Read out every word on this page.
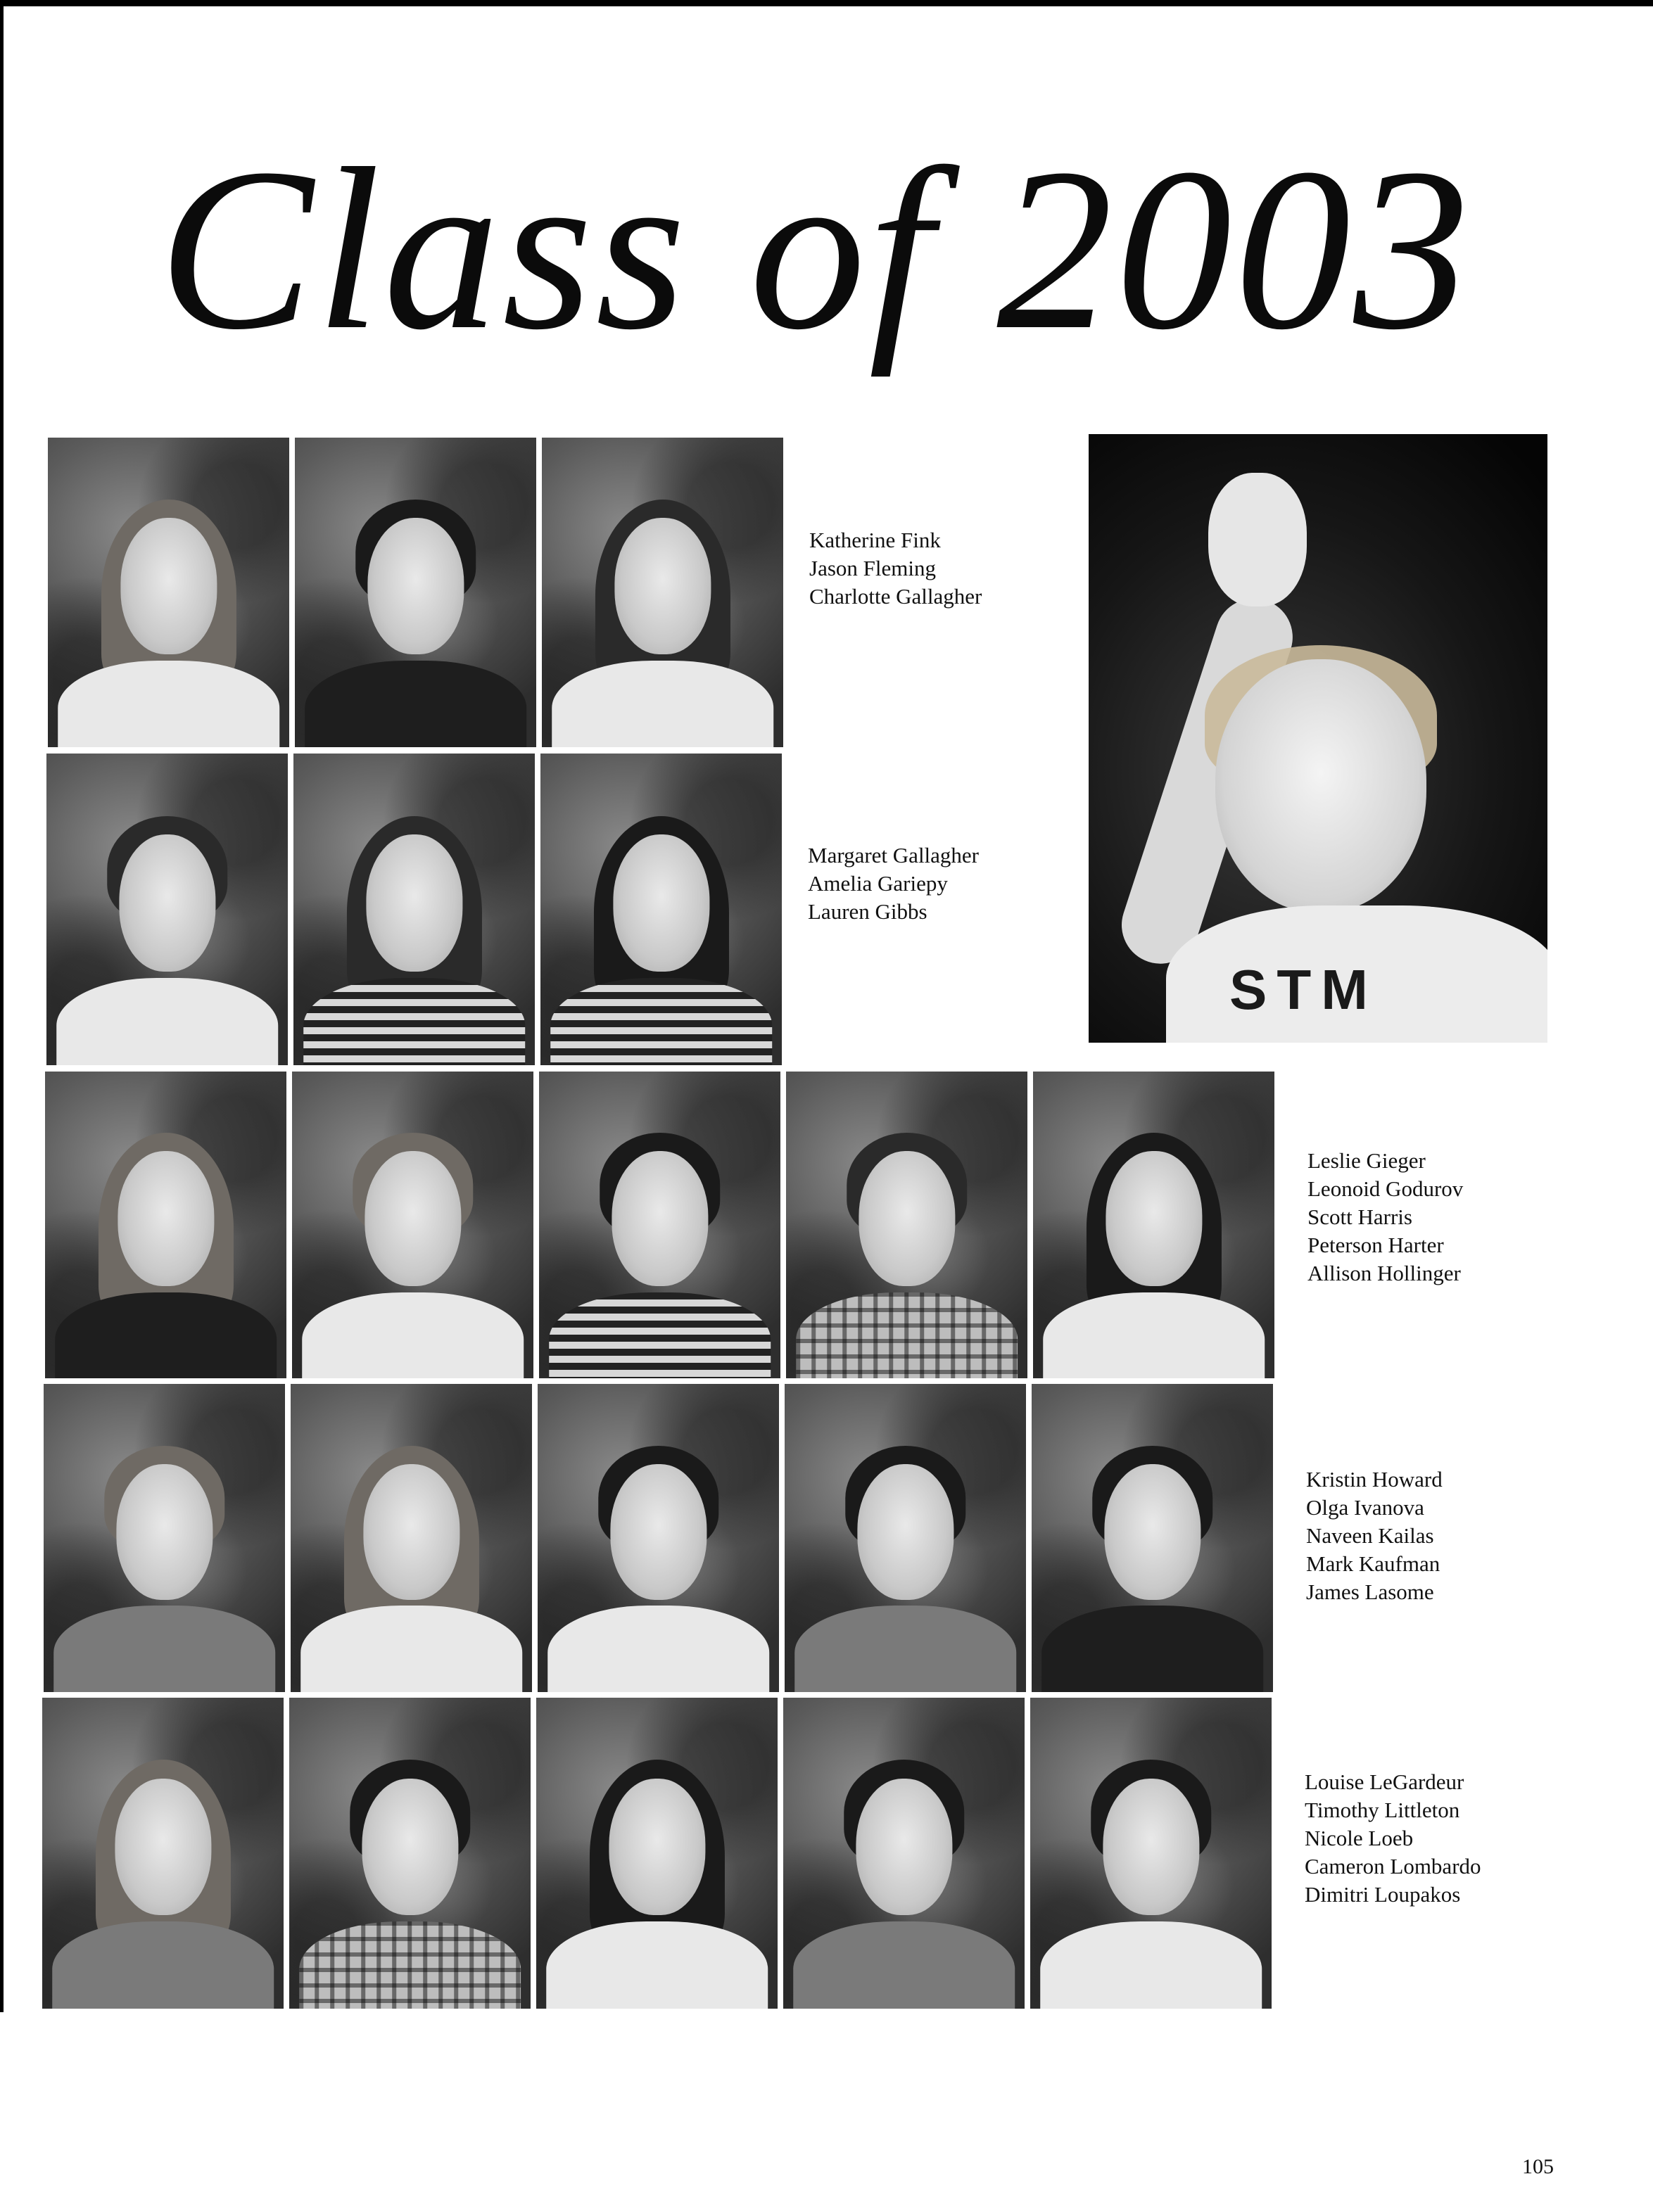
Class of 2003
STM
Katherine Fink
Jason Fleming
Charlotte Gallagher
Margaret Gallagher
Amelia Gariepy
Lauren Gibbs
Leslie Gieger
Leonoid Godurov
Scott Harris
Peterson Harter
Allison Hollinger
Kristin Howard
Olga Ivanova
Naveen Kailas
Mark Kaufman
James Lasome
Louise LeGardeur
Timothy Littleton
Nicole Loeb
Cameron Lombardo
Dimitri Loupakos
105
